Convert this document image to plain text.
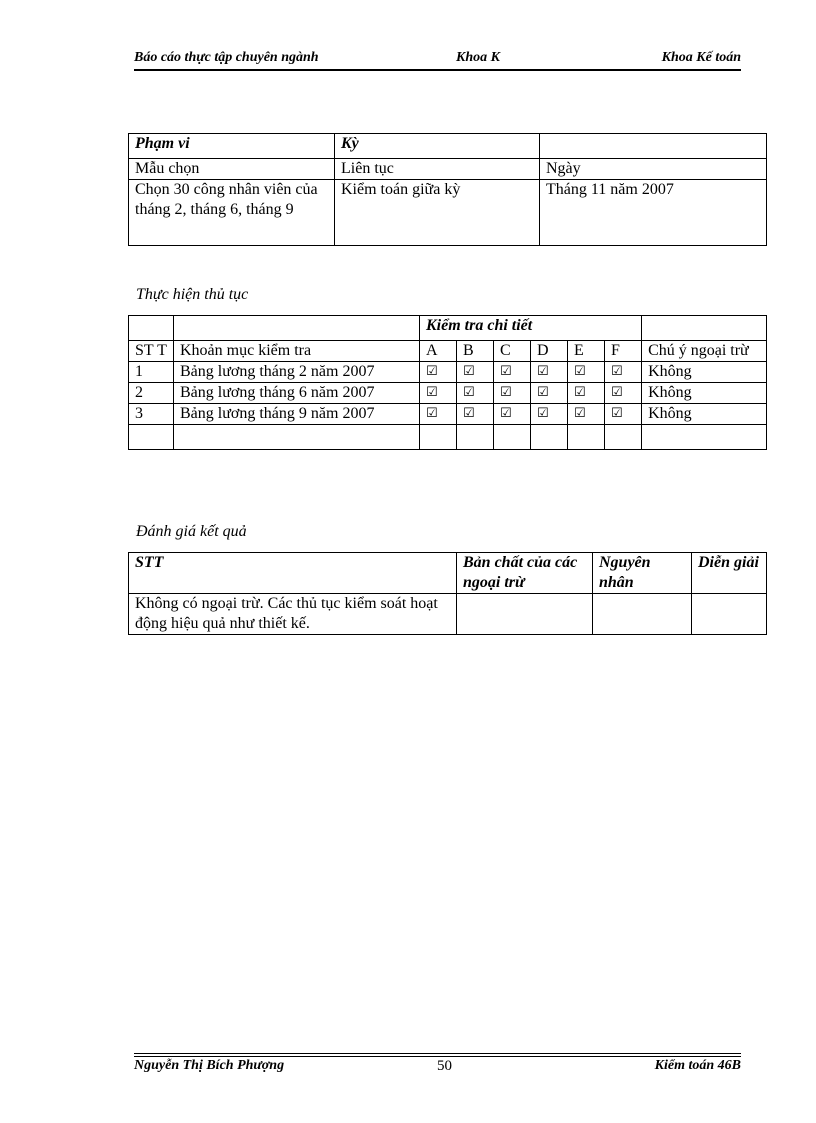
Báo cáo thực tập chuyên ngành	Khoa K	Khoa Kế toán
Phạm vi	Kỳ	
Mẫu chọn	Liên tục	Ngày
Chọn 30 công nhân viên của tháng 2, tháng 6, tháng 9	Kiểm toán giữa kỳ	Tháng 11 năm 2007
Thực hiện thủ tục
		Kiểm tra chi tiết						
ST T	Khoản mục kiểm tra	A	B	C	D	E	F	Chú ý ngoại trừ
1	Bảng lương tháng 2 năm 2007	☑	☑	☑	☑	☑	☑	Không
2	Bảng lương tháng 6 năm 2007	☑	☑	☑	☑	☑	☑	Không
3	Bảng lương tháng 9 năm 2007	☑	☑	☑	☑	☑	☑	Không

Đánh giá kết quả
STT	Bản chất của các ngoại trừ	Nguyên nhân	Diễn giải
Không có ngoại trừ. Các thủ tục kiểm soát hoạt động hiệu quả như thiết kế.			
Nguyễn Thị Bích Phượng	50	Kiểm toán 46B
